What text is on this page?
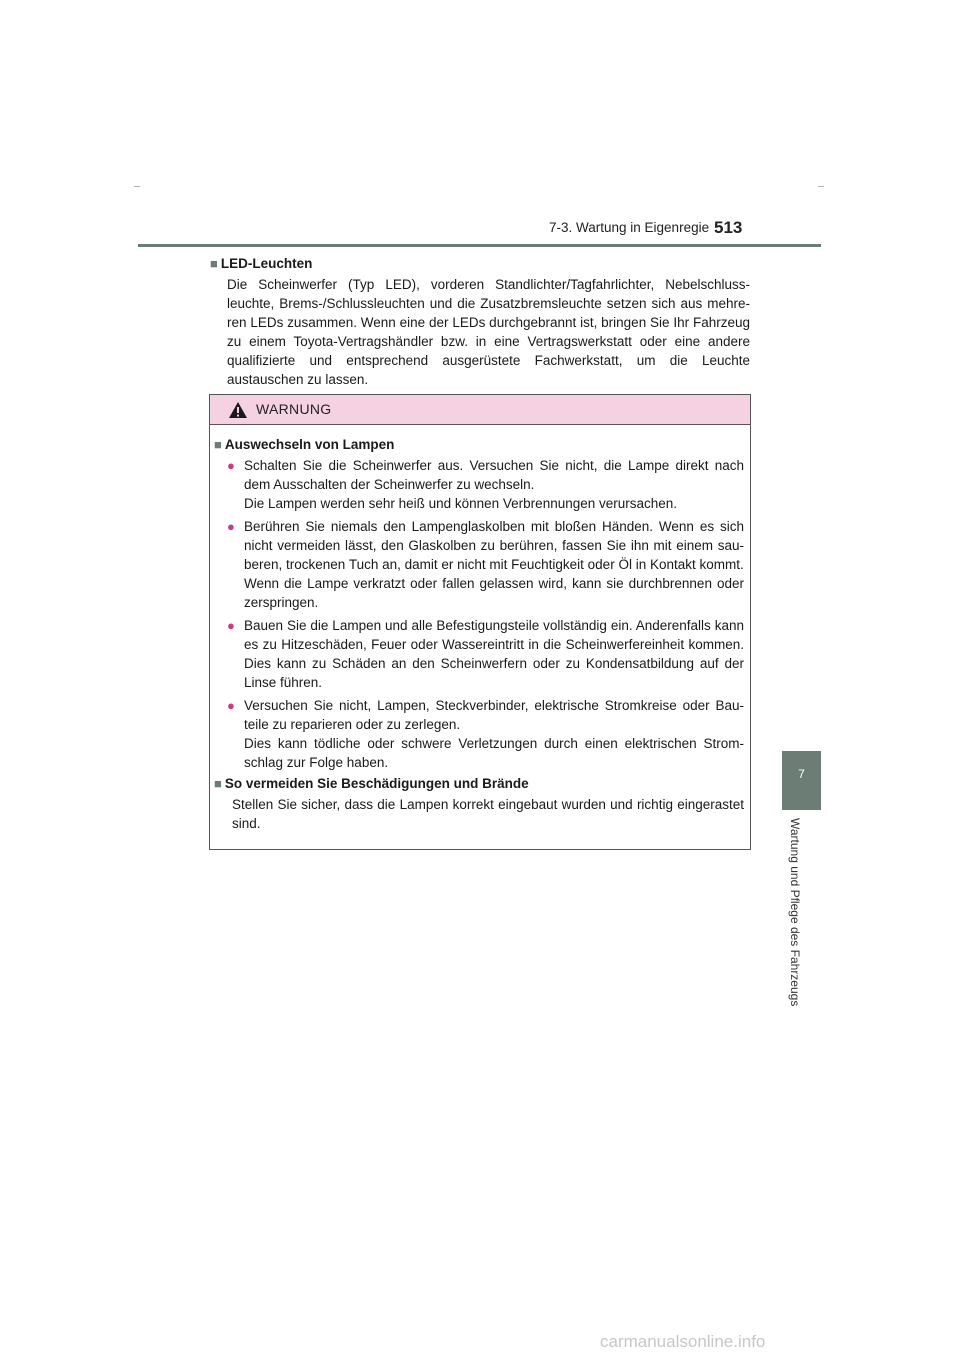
7-3. Wartung in Eigenregie 513
7
Wartung und Pflege des Fahrzeugs
■ LED-Leuchten
Die Scheinwerfer (Typ LED), vorderen Standlichter/Tagfahrlichter, Nebelschluss-leuchte, Brems-/Schlussleuchten und die Zusatzbremsleuchte setzen sich aus mehre-ren LEDs zusammen. Wenn eine der LEDs durchgebrannt ist, bringen Sie Ihr Fahrzeug zu einem Toyota-Vertragshändler bzw. in eine Vertragswerkstatt oder eine andere qualifizierte und entsprechend ausgerüstete Fachwerkstatt, um die Leuchte austauschen zu lassen.
WARNUNG
■ Auswechseln von Lampen
● Schalten Sie die Scheinwerfer aus. Versuchen Sie nicht, die Lampe direkt nach dem Ausschalten der Scheinwerfer zu wechseln.

Die Lampen werden sehr heiß und können Verbrennungen verursachen.

● Berühren Sie niemals den Lampenglaskolben mit bloßen Händen. Wenn es sich nicht vermeiden lässt, den Glaskolben zu berühren, fassen Sie ihn mit einem sau-beren, trockenen Tuch an, damit er nicht mit Feuchtigkeit oder Öl in Kontakt kommt.

Wenn die Lampe verkratzt oder fallen gelassen wird, kann sie durchbrennen oder zerspringen.

● Bauen Sie die Lampen und alle Befestigungsteile vollständig ein. Anderenfalls kann es zu Hitzeschäden, Feuer oder Wassereintritt in die Scheinwerfereinheit kommen. Dies kann zu Schäden an den Scheinwerfern oder zu Kondensatbildung auf der Linse führen.

● Versuchen Sie nicht, Lampen, Steckverbinder, elektrische Stromkreise oder Bau-teile zu reparieren oder zu zerlegen.

Dies kann tödliche oder schwere Verletzungen durch einen elektrischen Strom-schlag zur Folge haben.

■ So vermeiden Sie Beschädigungen und Brände
Stellen Sie sicher, dass die Lampen korrekt eingebaut wurden und richtig eingerastet sind.
carmanualsonline.info
